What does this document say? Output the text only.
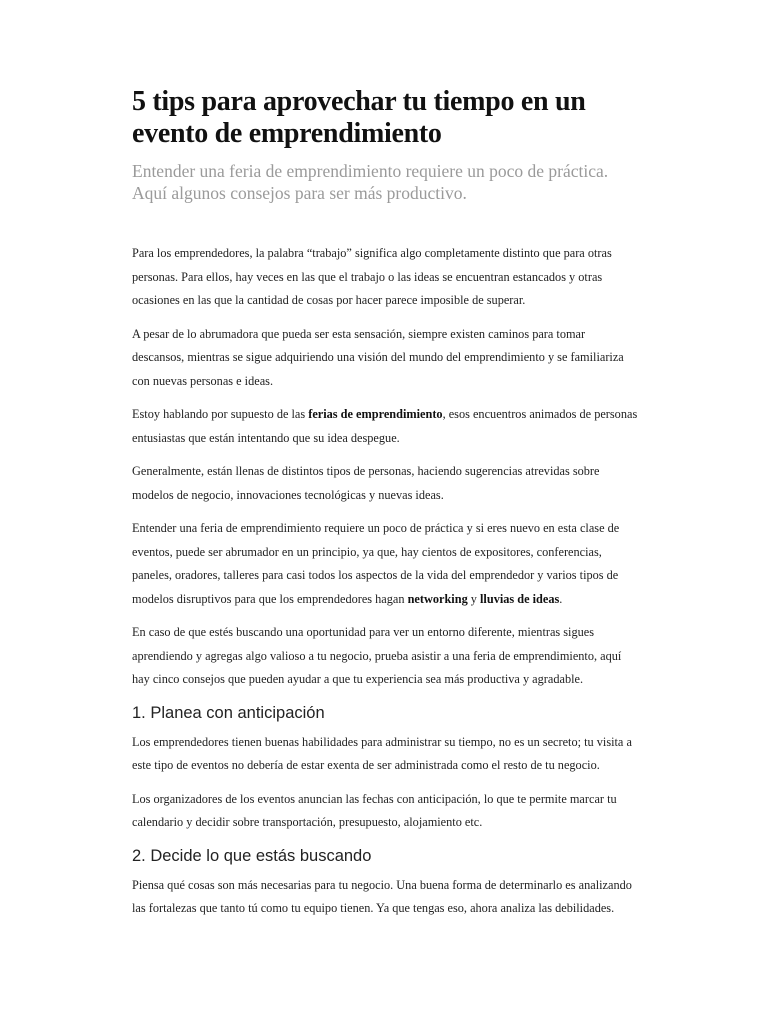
5 tips para aprovechar tu tiempo en un evento de emprendimiento

Entender una feria de emprendimiento requiere un poco de práctica. Aquí algunos consejos para ser más productivo.

Para los emprendedores, la palabra “trabajo” significa algo completamente distinto que para otras personas. Para ellos, hay veces en las que el trabajo o las ideas se encuentran estancados y otras ocasiones en las que la cantidad de cosas por hacer parece imposible de superar.

A pesar de lo abrumadora que pueda ser esta sensación, siempre existen caminos para tomar descansos, mientras se sigue adquiriendo una visión del mundo del emprendimiento y se familiariza con nuevas personas e ideas.

Estoy hablando por supuesto de las ferias de emprendimiento, esos encuentros animados de personas entusiastas que están intentando que su idea despegue.

Generalmente, están llenas de distintos tipos de personas, haciendo sugerencias atrevidas sobre modelos de negocio, innovaciones tecnológicas y nuevas ideas.

Entender una feria de emprendimiento requiere un poco de práctica y si eres nuevo en esta clase de eventos, puede ser abrumador en un principio, ya que, hay cientos de expositores, conferencias, paneles, oradores, talleres para casi todos los aspectos de la vida del emprendedor y varios tipos de modelos disruptivos para que los emprendedores hagan networking y lluvias de ideas.

En caso de que estés buscando una oportunidad para ver un entorno diferente, mientras sigues aprendiendo y agregas algo valioso a tu negocio, prueba asistir a una feria de emprendimiento, aquí hay cinco consejos que pueden ayudar a que tu experiencia sea más productiva y agradable.

1. Planea con anticipación

Los emprendedores tienen buenas habilidades para administrar su tiempo, no es un secreto; tu visita a este tipo de eventos no debería de estar exenta de ser administrada como el resto de tu negocio.

Los organizadores de los eventos anuncian las fechas con anticipación, lo que te permite marcar tu calendario y decidir sobre transportación, presupuesto, alojamiento etc.

2. Decide lo que estás buscando

Piensa qué cosas son más necesarias para tu negocio. Una buena forma de determinarlo es analizando las fortalezas que tanto tú como tu equipo tienen. Ya que tengas eso, ahora analiza las debilidades.
